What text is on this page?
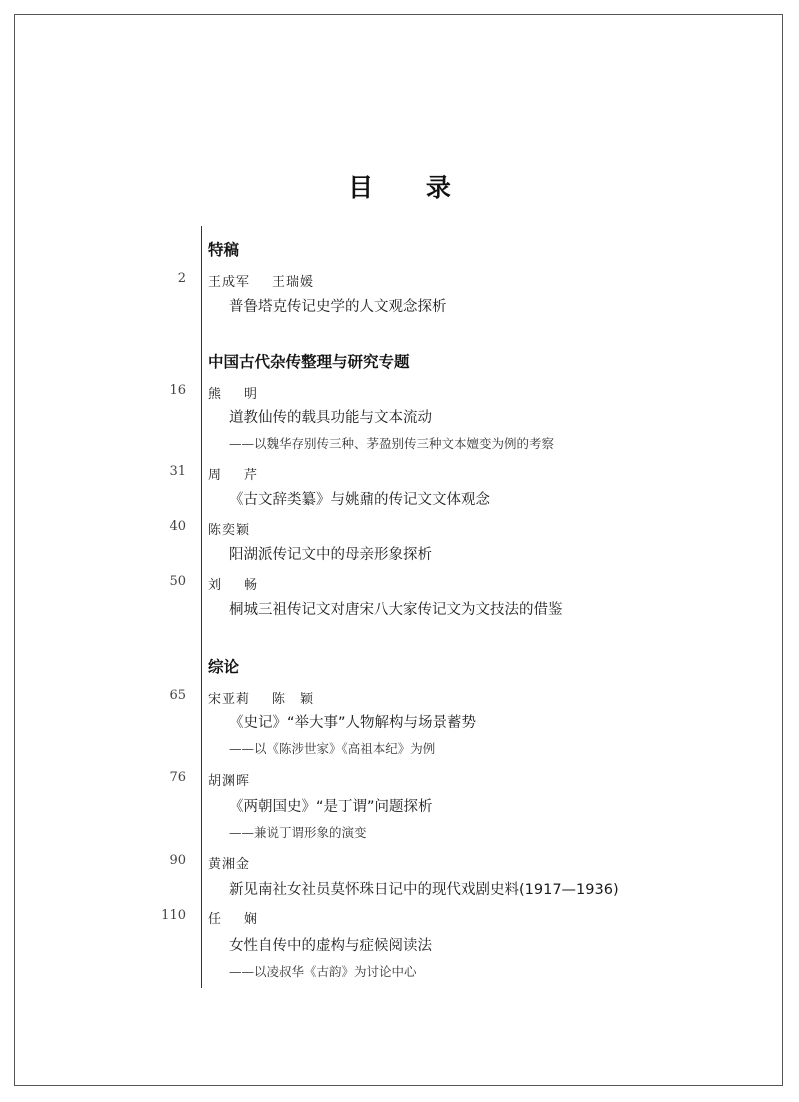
目 录
特稿
2 王成军 王瑞媛
普鲁塔克传记史学的人文观念探析
中国古代杂传整理与研究专题
16 熊 明
道教仙传的载具功能与文本流动
——以魏华存别传三种、茅盈别传三种文本嬗变为例的考察
31 周 芹
《古文辞类纂》与姚鼐的传记文文体观念
40 陈奕颖
阳湖派传记文中的母亲形象探析
50 刘 畅
桐城三祖传记文对唐宋八大家传记文为文技法的借鉴
综论
65 宋亚莉 陈　颖
《史记》“举大事”人物解构与场景蓄势
——以《陈涉世家》《高祖本纪》为例
76 胡渊晖
《两朝国史》“是丁谓”问题探析
——兼说丁谓形象的演变
90 黄湘金
新见南社女社员莫怀珠日记中的现代戏剧史料(1917—1936)
110 任 娴
女性自传中的虚构与症候阅读法
——以凌叔华《古韵》为讨论中心
